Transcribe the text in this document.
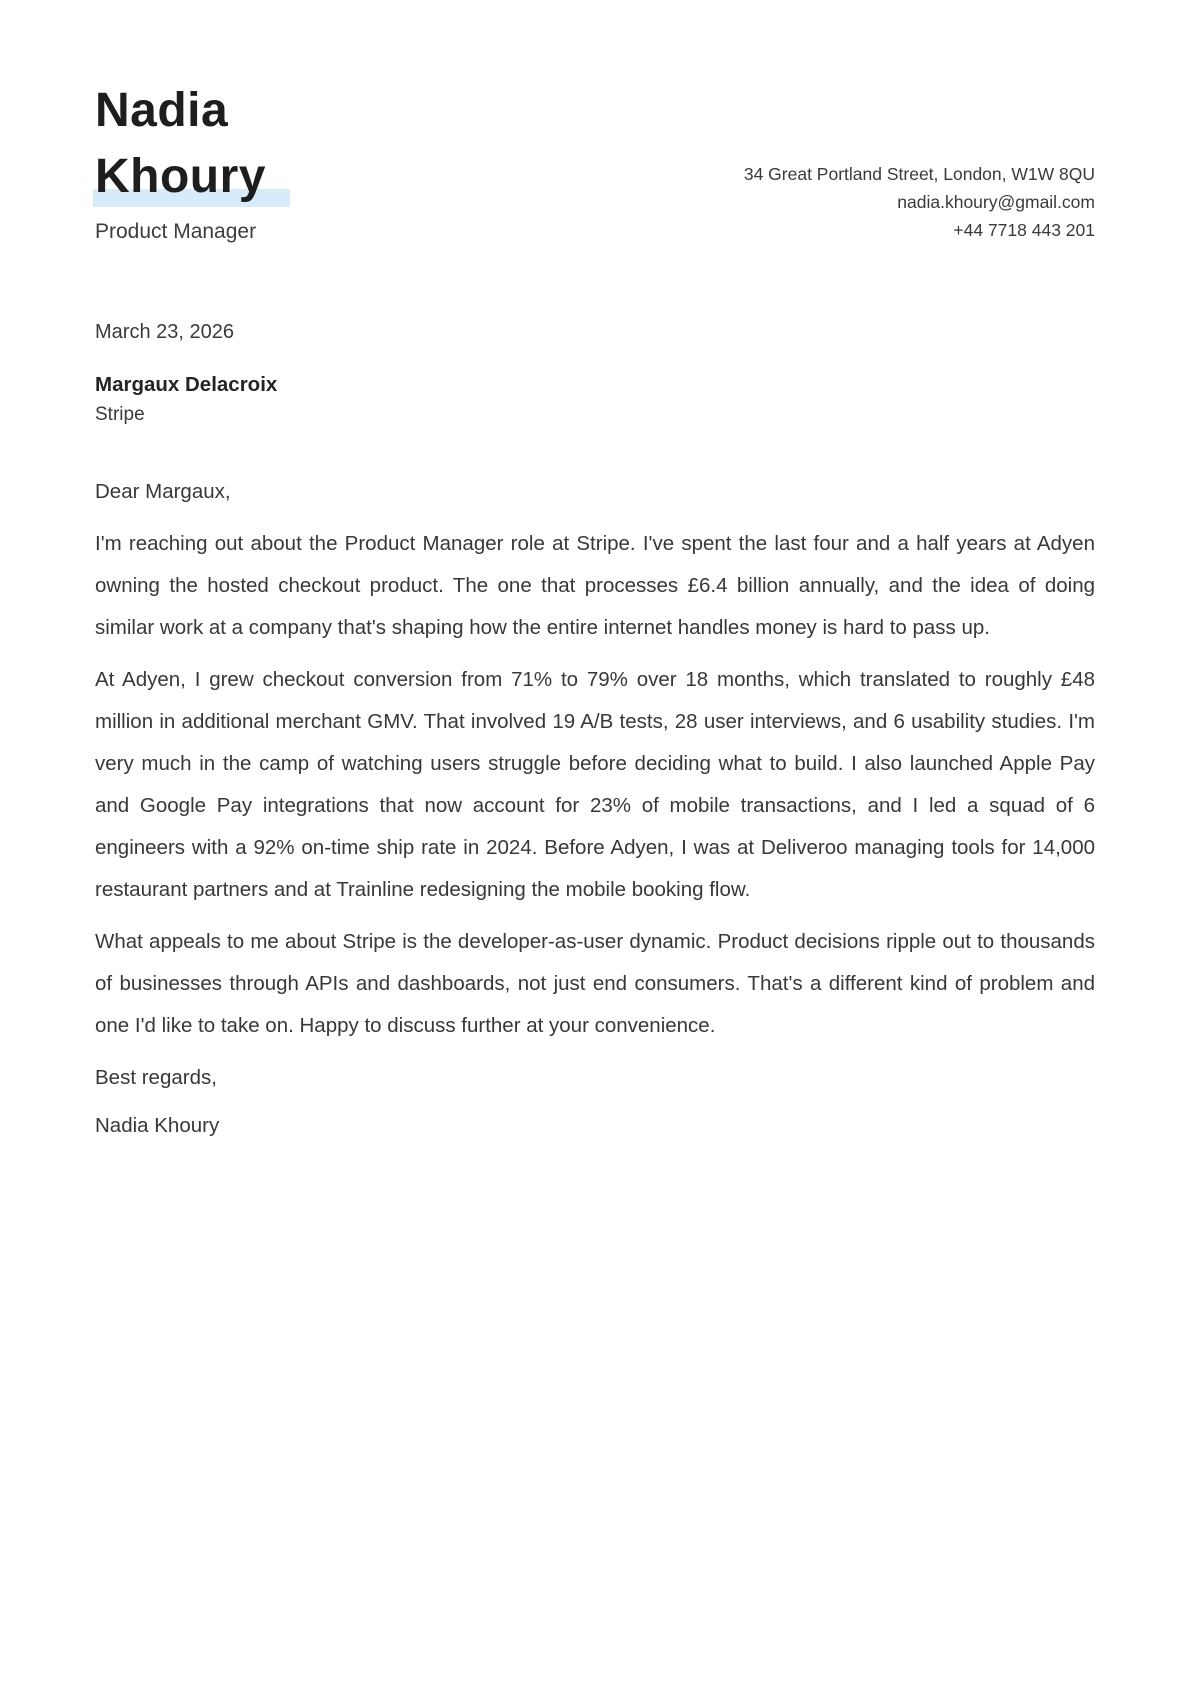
Nadia
Khoury
Product Manager
34 Great Portland Street, London, W1W 8QU
nadia.khoury@gmail.com
+44 7718 443 201
March 23, 2026
Margaux Delacroix
Stripe

Dear Margaux,

I'm reaching out about the Product Manager role at Stripe. I've spent the last four and a half years at Adyen owning the hosted checkout product. The one that processes £6.4 billion annually, and the idea of doing similar work at a company that's shaping how the entire internet handles money is hard to pass up.

At Adyen, I grew checkout conversion from 71% to 79% over 18 months, which translated to roughly £48 million in additional merchant GMV. That involved 19 A/B tests, 28 user interviews, and 6 usability studies. I'm very much in the camp of watching users struggle before deciding what to build. I also launched Apple Pay and Google Pay integrations that now account for 23% of mobile transactions, and I led a squad of 6 engineers with a 92% on-time ship rate in 2024. Before Adyen, I was at Deliveroo managing tools for 14,000 restaurant partners and at Trainline redesigning the mobile booking flow.

What appeals to me about Stripe is the developer-as-user dynamic. Product decisions ripple out to thousands of businesses through APIs and dashboards, not just end consumers. That's a different kind of problem and one I'd like to take on. Happy to discuss further at your convenience.

Best regards,

Nadia Khoury
